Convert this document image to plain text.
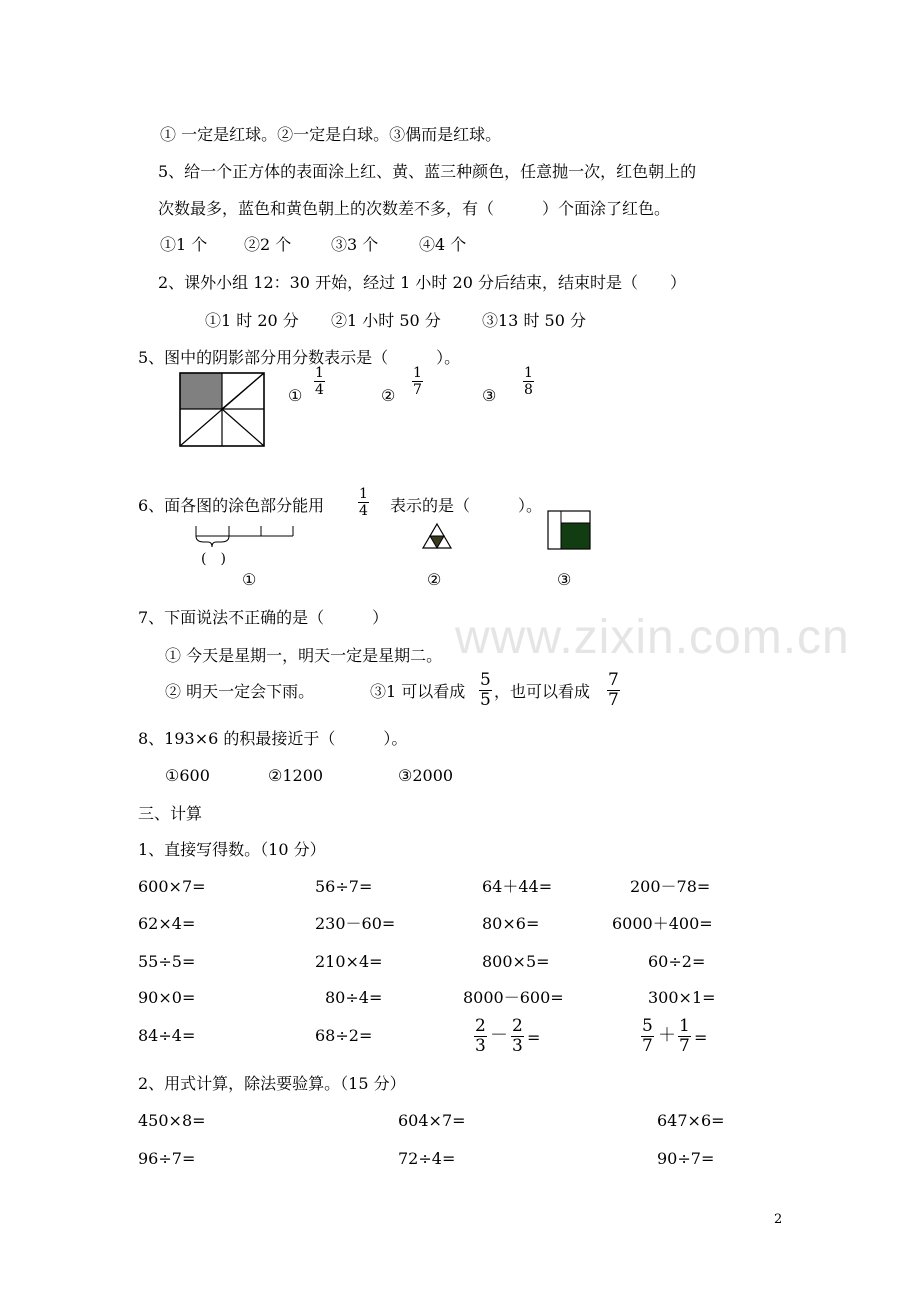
www.zixin.com.cn
① 一定是红球。②一定是白球。③偶而是红球。
5、给一个正方体的表面涂上红、黄、蓝三种颜色，任意抛一次，红色朝上的
次数最多，蓝色和黄色朝上的次数差不多，有（　　　）个面涂了红色。
①1 个 ②2 个 ③3 个	④4 个
2、课外小组 12：30 开始，经过 1 小时 20 分后结束，结束时是（　　）
①1 时 20 分 ②1 小时 50 分	③13 时 50 分
5、图中的阴影部分用分数表示是（　　　）。
① $\frac{1}{4}$	② $\frac{1}{7}$	③ $\frac{1}{8}$
6、面各图的涂色部分能用 $\frac{1}{4}$ 表示的是（　　　）。
(　)
①	②	③
7、下面说法不正确的是（　　　）
① 今天是星期一，明天一定是星期二。
② 明天一定会下雨。	③1 可以看成 $\frac{5}{5}$ ，也可以看成 $\frac{7}{7}$
8、193×6 的积最接近于（　　　）。
①600	②1200	③2000
三、计算
1、直接写得数。（10 分）
600×7=	56÷7=	64＋44=	200－78=
62×4=	230－60=	80×6=	6000＋400=
55÷5=	210×4=	800×5=	60÷2=
90×0=	80÷4=	8000－600=	300×1=
84÷4=	68÷2=	$\frac{2}{3} - \frac{2}{3}$ =	$\frac{5}{7} + \frac{1}{7}$ =
2、用式计算，除法要验算。（15 分）
450×8=	604×7=	647×6=
96÷7=	72÷4=	90÷7=
2
